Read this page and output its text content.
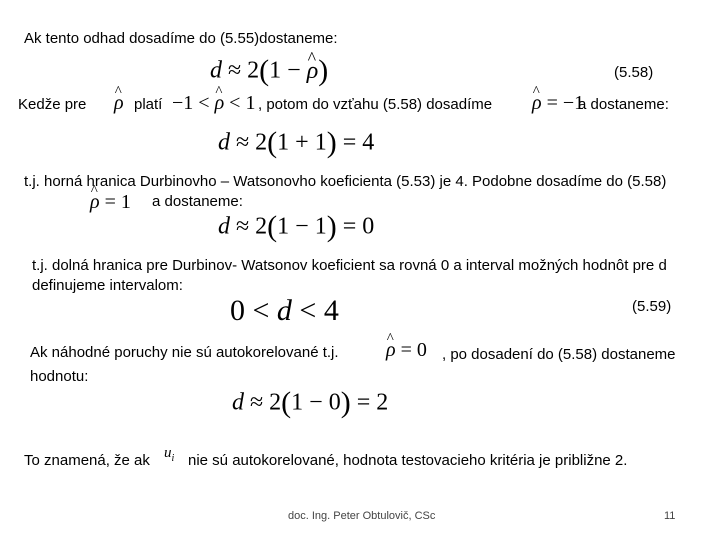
Ak tento odhad dosadíme do (5.55)dostaneme:
d ≈ 2(1 − ^ ρ)	(5.58)
Kedže pre ^ ρ platí −1 < ^ ρ < 1 , potom do vzťahu (5.58) dosadíme ^ ρ = −1
a dostaneme:
d ≈ 2(1 + 1) = 4
t.j. horná hranica Durbinovho – Watsonovho koeficienta (5.53) je 4. Podobne dosadíme do (5.58)
^ ρ = 1 a dostaneme:
d ≈ 2(1 − 1) = 0
t.j. dolná hranica pre Durbinov- Watsonov koeficient sa rovná 0 a interval možných hodnôt pre d definujeme intervalom:
0 < d < 4	(5.59)
Ak náhodné poruchy nie sú autokorelované t.j. ^ ρ = 0	, po dosadení do (5.58) dostaneme hodnotu:
d ≈ 2(1 − 0) = 2
To znamená, že ak $u_i$ nie sú autokorelované, hodnota testovacieho kritéria je približne 2.
doc. Ing. Peter Obtulovič, CSc	11
